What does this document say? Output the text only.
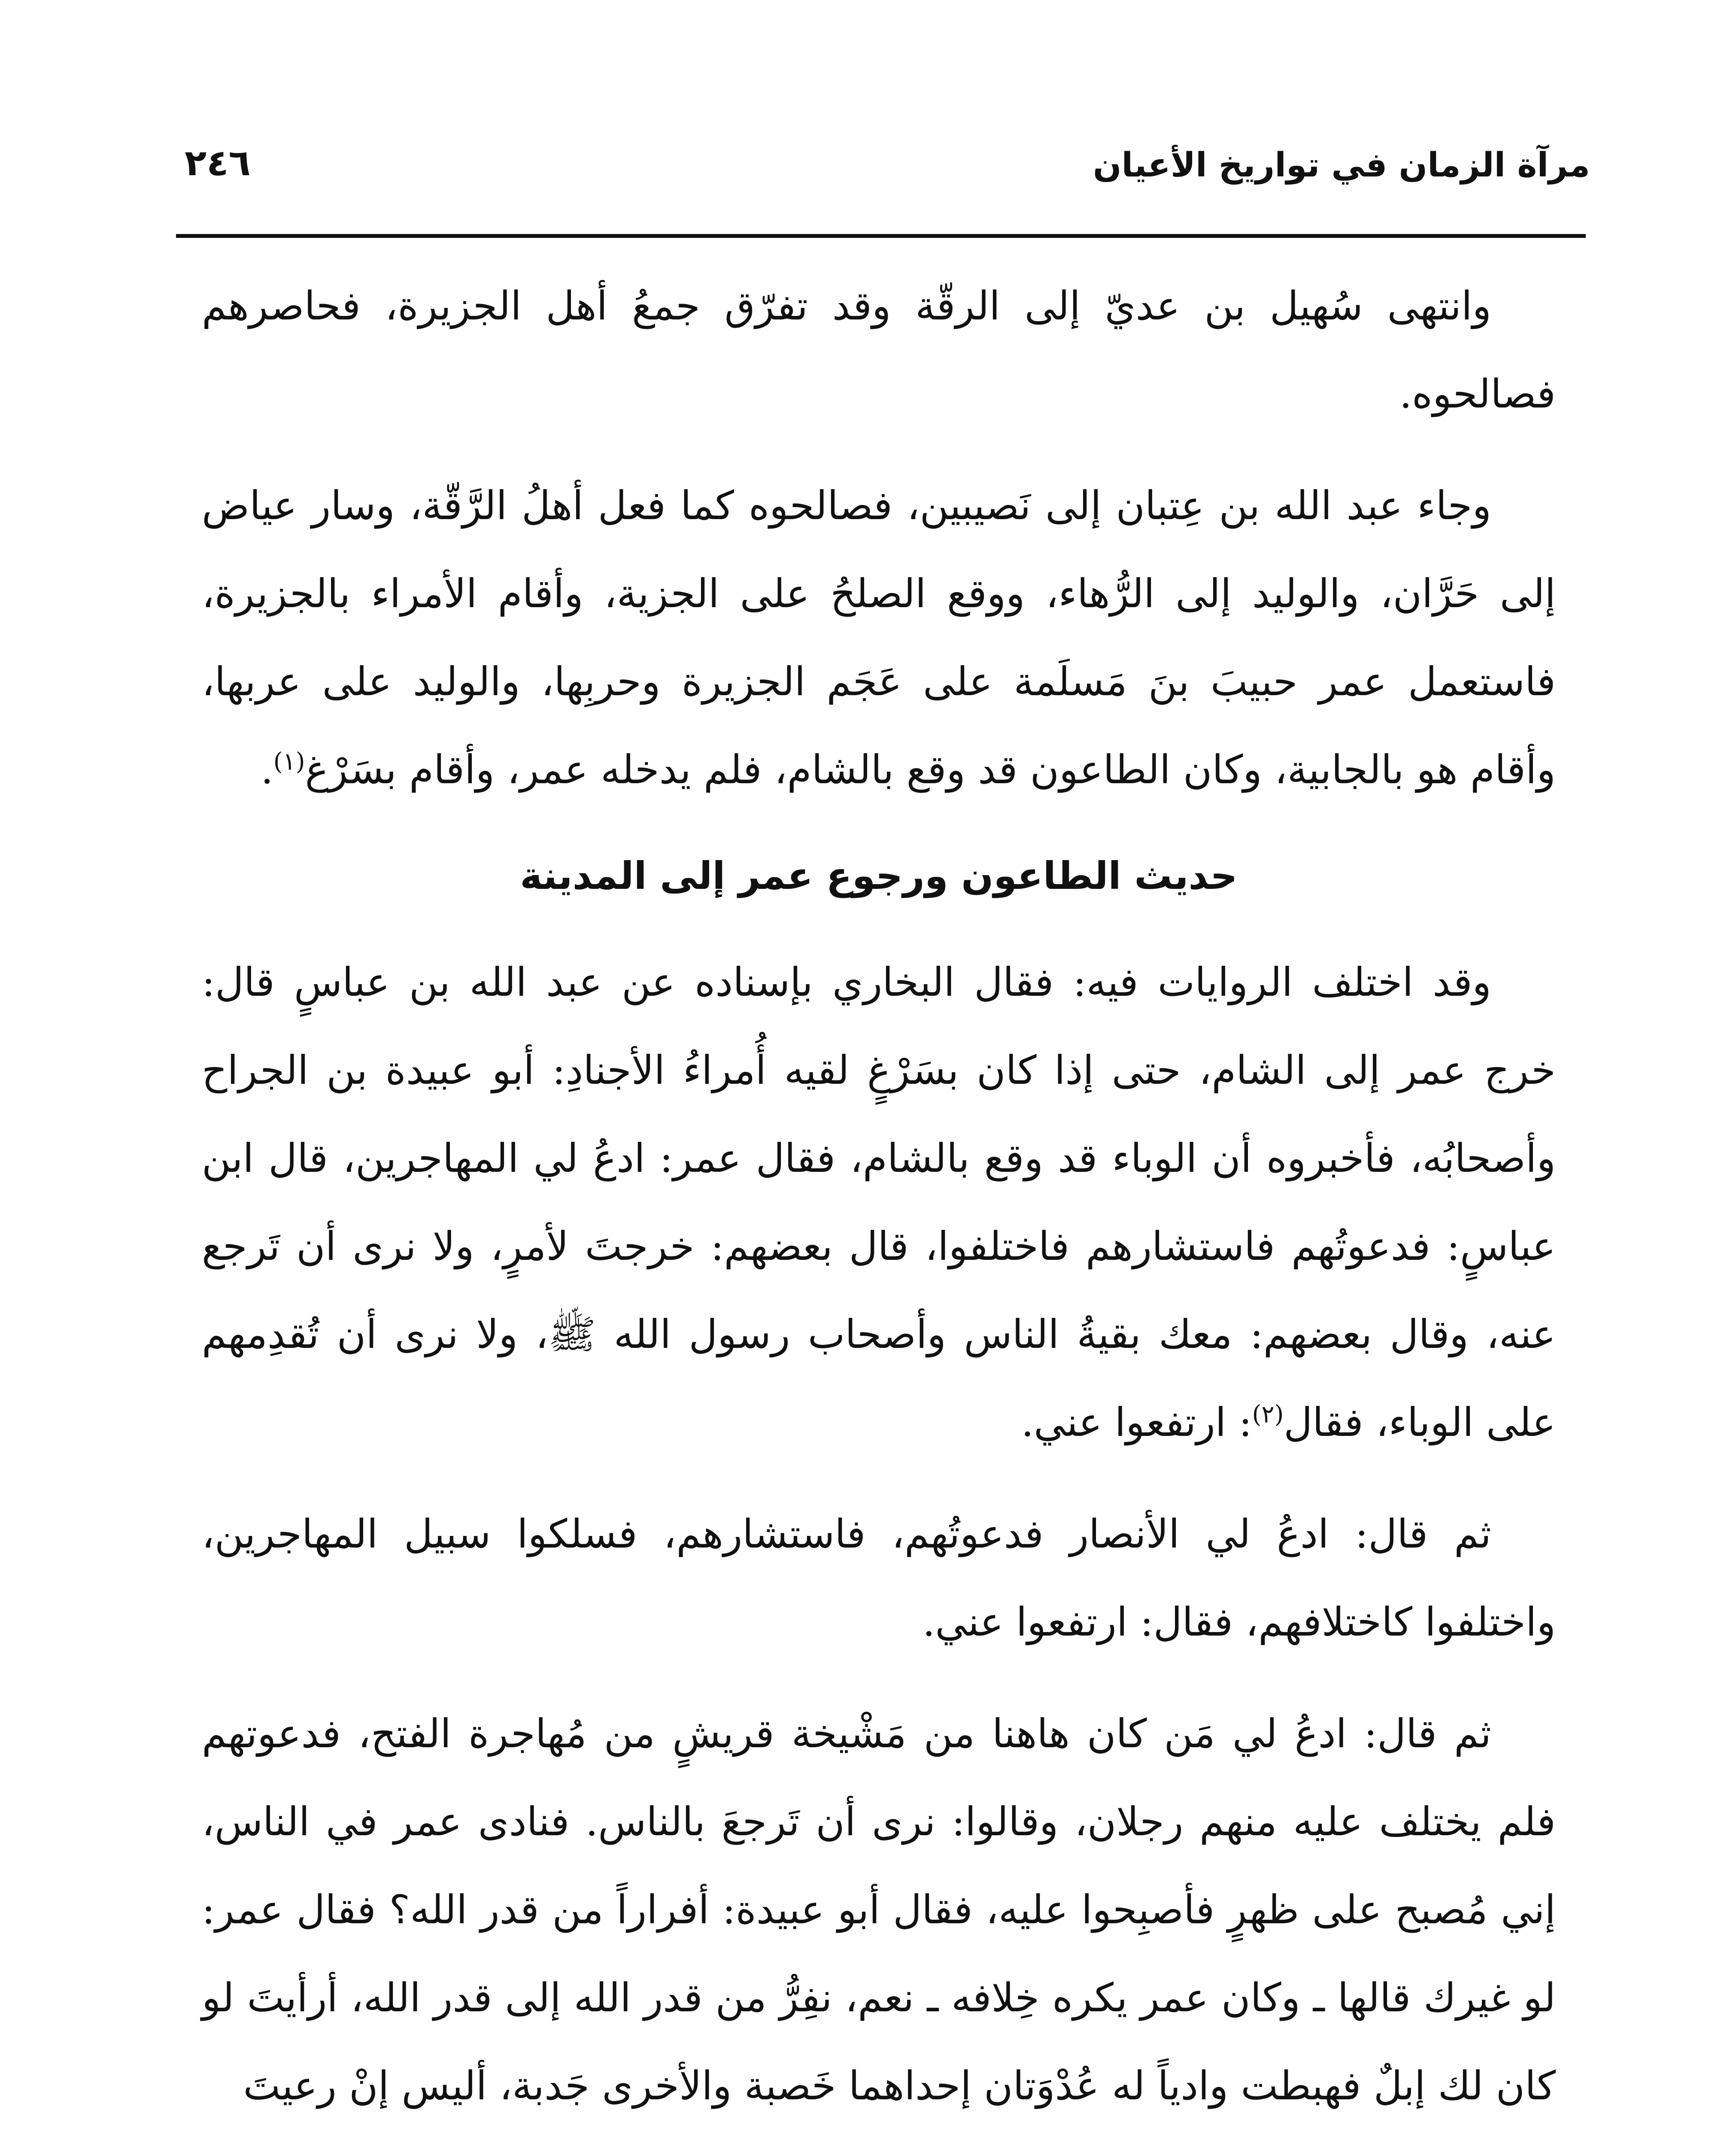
مرآة الزمان في تواريخ الأعيان
٢٤٦

وانتهى سُهيل بن عديّ إلى الرقّة وقد تفرّق جمعُ أهل الجزيرة، فحاصرهم فصالحوه.

وجاء عبد الله بن عِتبان إلى نَصيبين، فصالحوه كما فعل أهلُ الرَّقّة، وسار عياض إلى حَرَّان، والوليد إلى الرُّهاء، ووقع الصلحُ على الجزية، وأقام الأمراء بالجزيرة، فاستعمل عمر حبيبَ بنَ مَسلَمة على عَجَم الجزيرة وحربِها، والوليد على عربها، وأقام هو بالجابية، وكان الطاعون قد وقع بالشام، فلم يدخله عمر، وأقام بسَرْغ$^{(١)}$.

حديث الطاعون ورجوع عمر إلى المدينة

وقد اختلف الروايات فيه: فقال البخاري بإسناده عن عبد الله بن عباسٍ قال: خرج عمر إلى الشام، حتى إذا كان بسَرْغٍ لقيه أُمراءُ الأجنادِ: أبو عبيدة بن الجراح وأصحابُه، فأخبروه أن الوباء قد وقع بالشام، فقال عمر: ادعُ لي المهاجرين، قال ابن عباسٍ: فدعوتُهم فاستشارهم فاختلفوا، قال بعضهم: خرجتَ لأمرٍ، ولا نرى أن تَرجع عنه، وقال بعضهم: معك بقيةُ الناس وأصحاب رسول الله ﷺ، ولا نرى أن تُقدِمهم على الوباء، فقال$^{(٢)}$: ارتفعوا عني.

ثم قال: ادعُ لي الأنصار فدعوتُهم، فاستشارهم، فسلكوا سبيل المهاجرين، واختلفوا كاختلافهم، فقال: ارتفعوا عني.

ثم قال: ادعُ لي مَن كان هاهنا من مَشْيخة قريشٍ من مُهاجرة الفتح، فدعوتهم فلم يختلف عليه منهم رجلان، وقالوا: نرى أن تَرجعَ بالناس. فنادى عمر في الناس، إني مُصبح على ظهرٍ فأصبِحوا عليه، فقال أبو عبيدة: أفراراً من قدر الله؟ فقال عمر: لو غيرك قالها ـ وكان عمر يكره خِلافه ـ نعم، نفِرُّ من قدر الله إلى قدر الله، أرأيتَ لو كان لك إبلٌ فهبطت وادياً له عُدْوَتان إحداهما خَصبة والأخرى جَدبة، أليس إنْ رعيتَ
